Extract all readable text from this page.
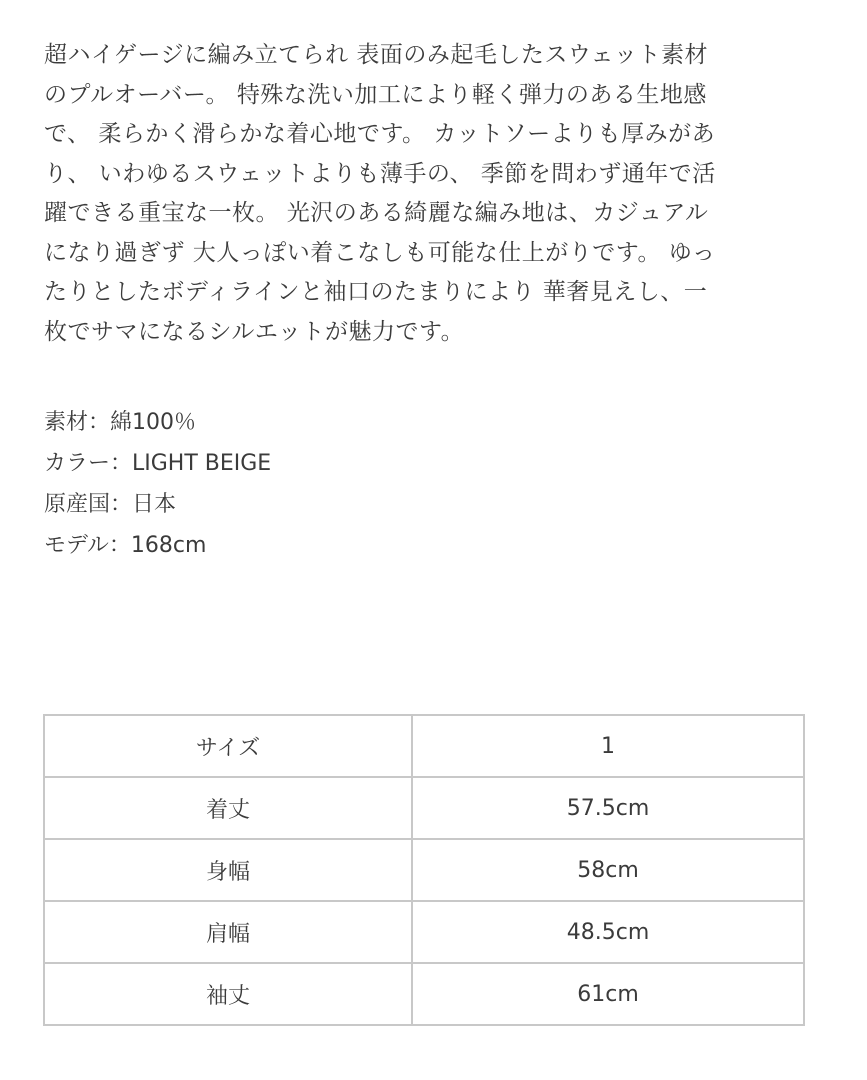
超ハイゲージに編み立てられ 表面のみ起毛したスウェット素材
のプルオーバー。 特殊な洗い加工により軽く弾力のある生地感
で、 柔らかく滑らかな着心地です。 カットソーよりも厚みがあ
り、 いわゆるスウェットよりも薄手の、 季節を問わず通年で活
躍できる重宝な一枚。 光沢のある綺麗な編み地は、カジュアル
になり過ぎず 大人っぽい着こなしも可能な仕上がりです。 ゆっ
たりとしたボディラインと袖口のたまりにより 華奢見えし、一
枚でサマになるシルエットが魅力です。
素材：綿100％
カラー：LIGHT BEIGE
原産国：日本
モデル：168cm
サイズ	1
着丈	57.5cm
身幅	58cm
肩幅	48.5cm
袖丈	61cm
